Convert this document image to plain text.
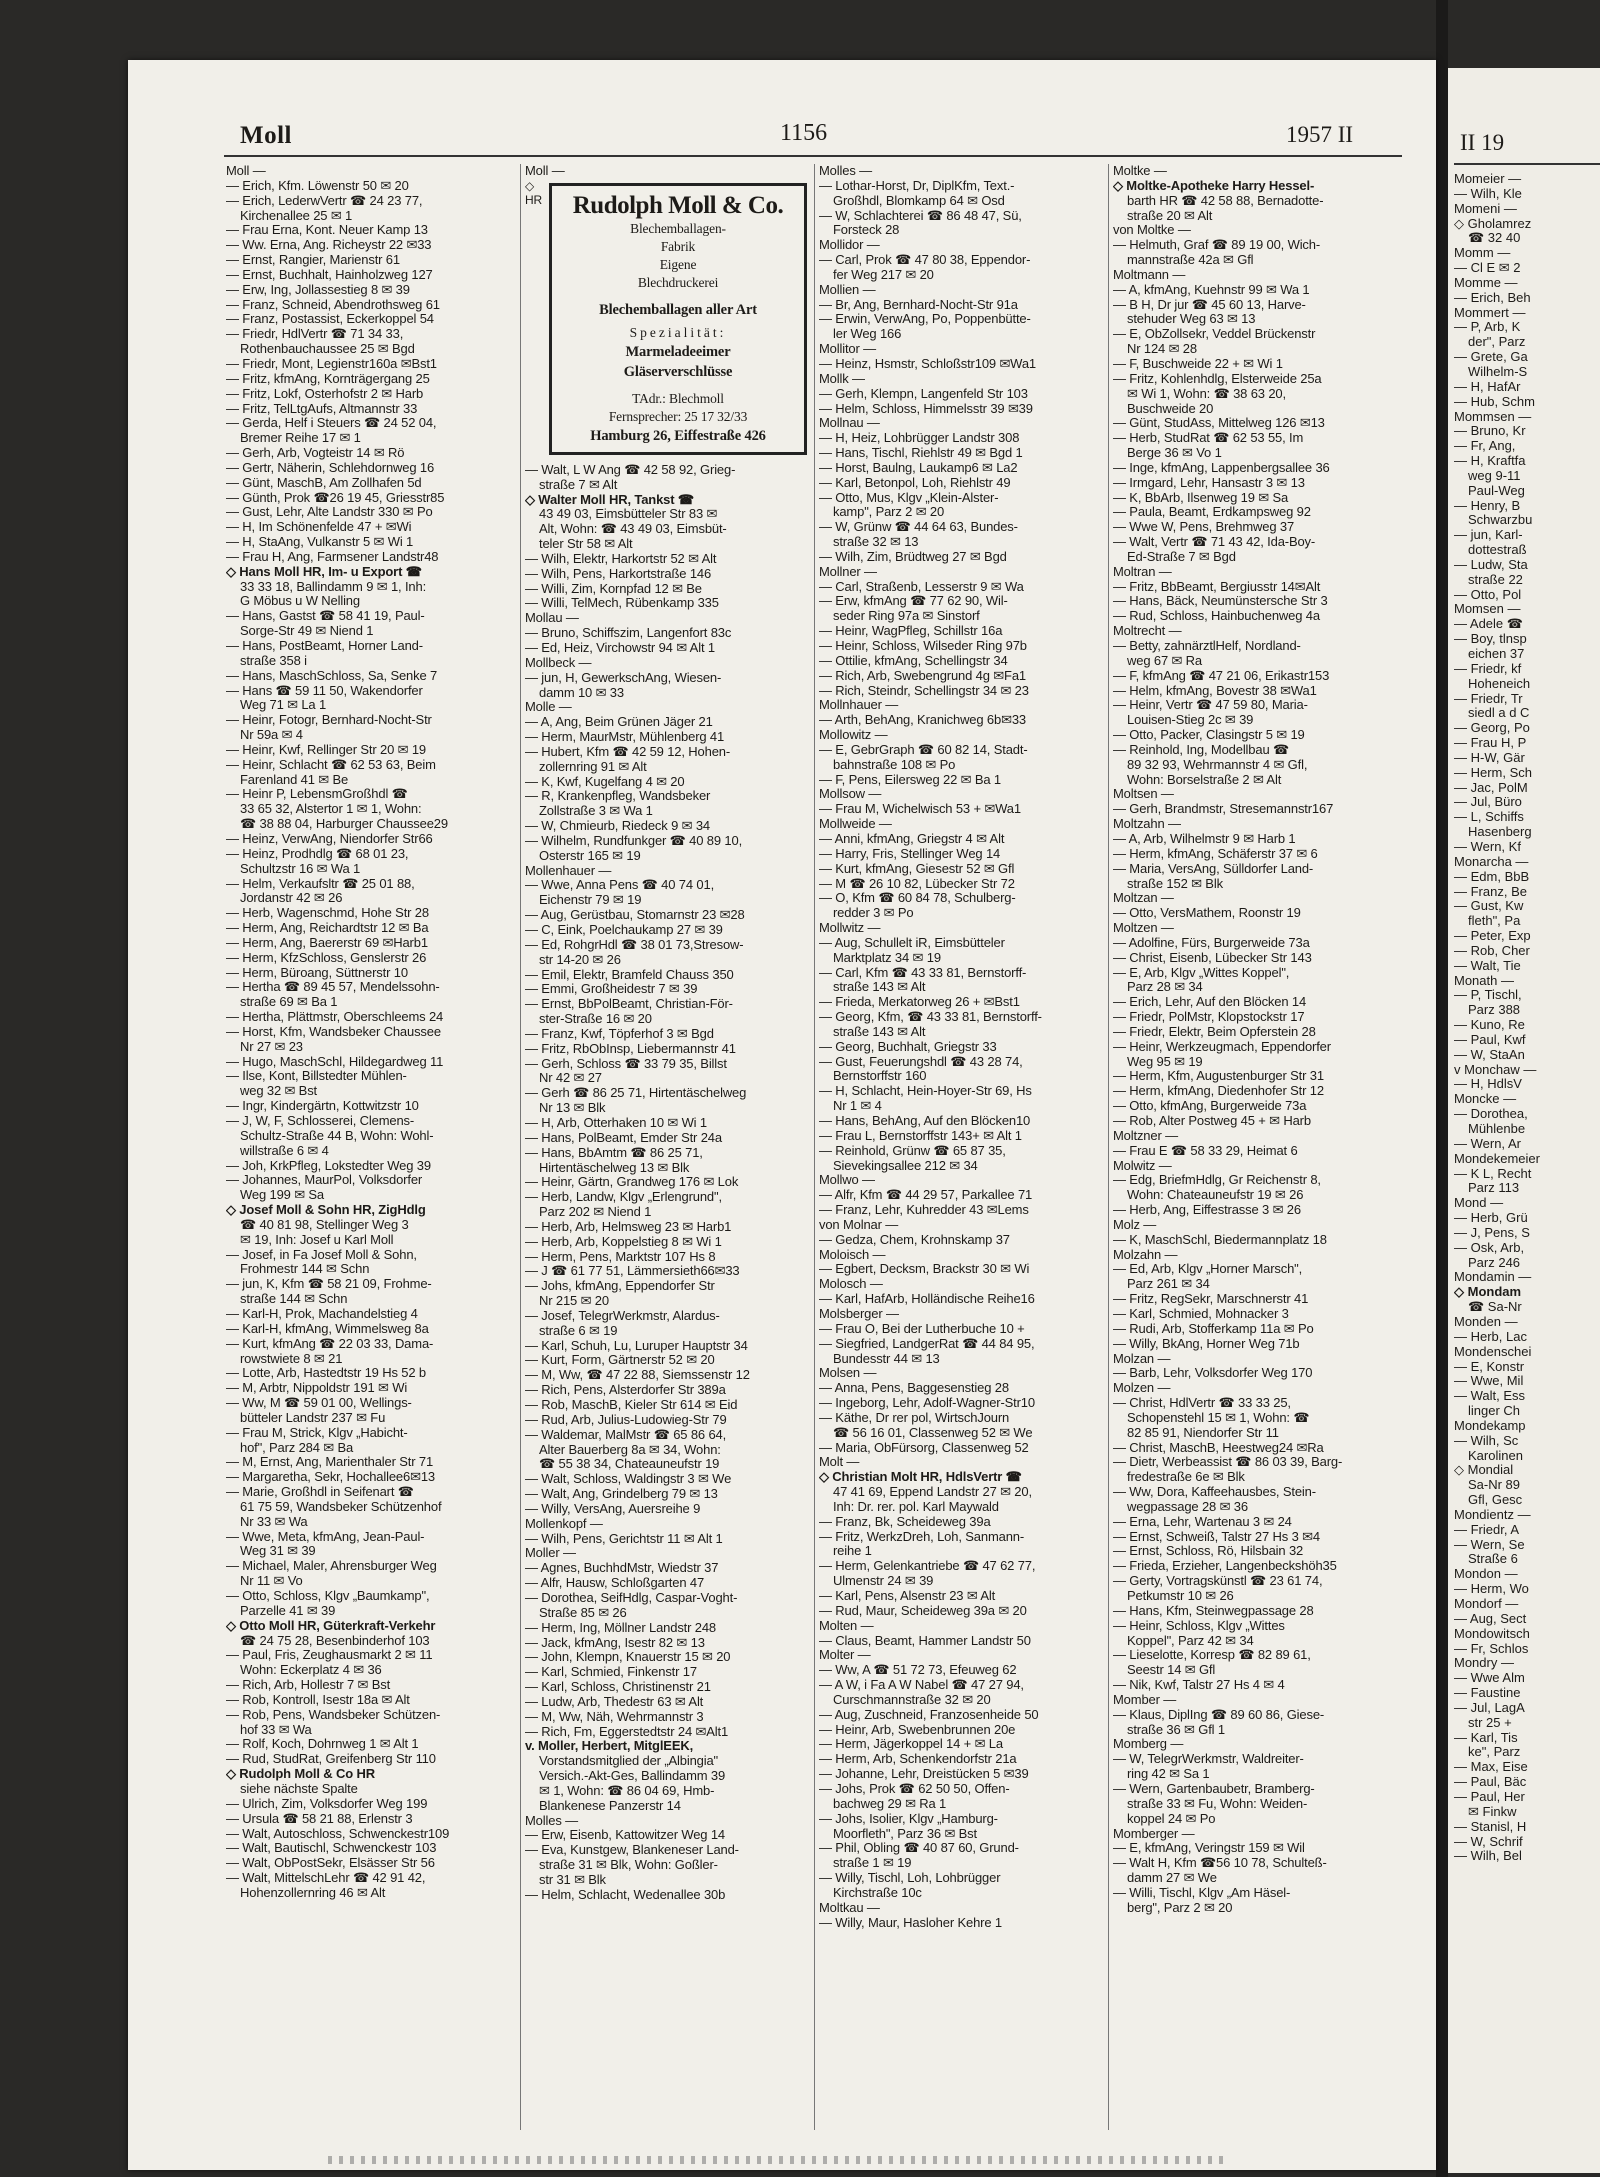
Moll	1156	1957 II
Moll —
— Erich, Kfm. Löwenstr 50 ✉ 20
— Erich, LederwVertr ☎ 24 23 77,
Kirchenallee 25 ✉ 1
— Frau Erna, Kont. Neuer Kamp 13
— Ww. Erna, Ang. Richeystr 22 ✉33
— Ernst, Rangier, Marienstr 61
— Ernst, Buchhalt, Hainholzweg 127
— Erw, Ing, Jollassestieg 8 ✉ 39
— Franz, Schneid, Abendrothsweg 61
— Franz, Postassist, Eckerkoppel 54
— Friedr, HdlVertr ☎ 71 34 33,
Rothenbauchaussee 25 ✉ Bgd
— Friedr, Mont, Legienstr160a ✉Bst1
— Fritz, kfmAng, Kornträgergang 25
— Fritz, Lokf, Osterhofstr 2 ✉ Harb
— Fritz, TelLtgAufs, Altmannstr 33
— Gerda, Helf i Steuers ☎ 24 52 04,
Bremer Reihe 17 ✉ 1
— Gerh, Arb, Vogteistr 14 ✉ Rö
— Gertr, Näherin, Schlehdornweg 16
— Günt, MaschB, Am Zollhafen 5d
— Günth, Prok ☎26 19 45, Griesstr85
— Gust, Lehr, Alte Landstr 330 ✉ Po
— H, Im Schönenfelde 47 + ✉Wi
— H, StaAng, Vulkanstr 5 ✉ Wi 1
— Frau H, Ang, Farmsener Landstr48
◇ Hans Moll HR, Im- u Export ☎
33 33 18, Ballindamm 9 ✉ 1, Inh:
G Möbus u W Nelling
— Hans, Gastst ☎ 58 41 19, Paul-
Sorge-Str 49 ✉ Niend 1
— Hans, PostBeamt, Horner Land-
straße 358 i
— Hans, MaschSchloss, Sa, Senke 7
— Hans ☎ 59 11 50, Wakendorfer
Weg 71 ✉ La 1
— Heinr, Fotogr, Bernhard-Nocht-Str
Nr 59a ✉ 4
— Heinr, Kwf, Rellinger Str 20 ✉ 19
— Heinr, Schlacht ☎ 62 53 63, Beim
Farenland 41 ✉ Be
— Heinr P, LebensmGroßhdl ☎
33 65 32, Alstertor 1 ✉ 1, Wohn:
☎ 38 88 04, Harburger Chaussee29
— Heinz, VerwAng, Niendorfer Str66
— Heinz, Prodhdlg ☎ 68 01 23,
Schultzstr 16 ✉ Wa 1
— Helm, Verkaufsltr ☎ 25 01 88,
Jordanstr 42 ✉ 26
— Herb, Wagenschmd, Hohe Str 28
— Herm, Ang, Reichardtstr 12 ✉ Ba
— Herm, Ang, Baererstr 69 ✉Harb1
— Herm, KfzSchloss, Genslerstr 26
— Herm, Büroang, Süttnerstr 10
— Hertha ☎ 89 45 57, Mendelssohn-
straße 69 ✉ Ba 1
— Hertha, Plättmstr, Oberschleems 24
— Horst, Kfm, Wandsbeker Chaussee
Nr 27 ✉ 23
— Hugo, MaschSchl, Hildegardweg 11
— Ilse, Kont, Billstedter Mühlen-
weg 32 ✉ Bst
— Ingr, Kindergärtn, Kottwitzstr 10
— J, W, F, Schlosserei, Clemens-
Schultz-Straße 44 B, Wohn: Wohl-
willstraße 6 ✉ 4
— Joh, KrkPfleg, Lokstedter Weg 39
— Johannes, MaurPol, Volksdorfer
Weg 199 ✉ Sa
◇ Josef Moll & Sohn HR, ZigHdlg
☎ 40 81 98, Stellinger Weg 3
✉ 19, Inh: Josef u Karl Moll
— Josef, in Fa Josef Moll & Sohn,
Frohmestr 144 ✉ Schn
— jun, K, Kfm ☎ 58 21 09, Frohme-
straße 144 ✉ Schn
— Karl-H, Prok, Machandelstieg 4
— Karl-H, kfmAng, Wimmelsweg 8a
— Kurt, kfmAng ☎ 22 03 33, Dama-
rowstwiete 8 ✉ 21
— Lotte, Arb, Hastedtstr 19 Hs 52 b
— M, Arbtr, Nippoldstr 191 ✉ Wi
— Ww, M ☎ 59 01 00, Wellings-
bütteler Landstr 237 ✉ Fu
— Frau M, Strick, Klgv „Habicht-
hof", Parz 284 ✉ Ba
— M, Ernst, Ang, Marienthaler Str 71
— Margaretha, Sekr, Hochallee6✉13
— Marie, Großhdl in Seifenart ☎
61 75 59, Wandsbeker Schützenhof
Nr 33 ✉ Wa
— Wwe, Meta, kfmAng, Jean-Paul-
Weg 31 ✉ 39
— Michael, Maler, Ahrensburger Weg
Nr 11 ✉ Vo
— Otto, Schloss, Klgv „Baumkamp",
Parzelle 41 ✉ 39
◇ Otto Moll HR, Güterkraft-Verkehr
☎ 24 75 28, Besenbinderhof 103
— Paul, Fris, Zeughausmarkt 2 ✉ 11
Wohn: Eckerplatz 4 ✉ 36
— Rich, Arb, Hollestr 7 ✉ Bst
— Rob, Kontroll, Isestr 18a ✉ Alt
— Rob, Pens, Wandsbeker Schützen-
hof 33 ✉ Wa
— Rolf, Koch, Dohrnweg 1 ✉ Alt 1
— Rud, StudRat, Greifenberg Str 110
◇ Rudolph Moll & Co HR
siehe nächste Spalte
— Ulrich, Zim, Volksdorfer Weg 199
— Ursula ☎ 58 21 88, Erlenstr 3
— Walt, Autoschloss, Schwenckestr109
— Walt, Bautischl, Schwenckestr 103
— Walt, ObPostSekr, Elsässer Str 56
— Walt, MittelschLehr ☎ 42 91 42,
Hohenzollernring 46 ✉ Alt
Moll —
◇
HR	Rudolph Moll & Co.
Blechemballagen-
Fabrik
Eigene
Blechdruckerei
Blechemballagen aller Art
Spezialität:
Marmeladeeimer
Gläserverschlüsse
TAdr.: Blechmoll
Fernsprecher: 25 17 32/33
Hamburg 26, Eiffestraße 426
— Walt, L W Ang ☎ 42 58 92, Grieg-
straße 7 ✉ Alt
◇ Walter Moll HR, Tankst ☎
43 49 03, Eimsbütteler Str 83 ✉
Alt, Wohn: ☎ 43 49 03, Eimsbüt-
teler Str 58 ✉ Alt
— Wilh, Elektr, Harkortstr 52 ✉ Alt
— Wilh, Pens, Harkortstraße 146
— Willi, Zim, Kornpfad 12 ✉ Be
— Willi, TelMech, Rübenkamp 335
Mollau —
— Bruno, Schiffszim, Langenfort 83c
— Ed, Heiz, Virchowstr 94 ✉ Alt 1
Mollbeck —
— jun, H, GewerkschAng, Wiesen-
damm 10 ✉ 33
Molle —
— A, Ang, Beim Grünen Jäger 21
— Herm, MaurMstr, Mühlenberg 41
— Hubert, Kfm ☎ 42 59 12, Hohen-
zollernring 91 ✉ Alt
— K, Kwf, Kugelfang 4 ✉ 20
— R, Krankenpfleg, Wandsbeker
Zollstraße 3 ✉ Wa 1
— W, Chmieurb, Riedeck 9 ✉ 34
— Wilhelm, Rundfunkger ☎ 40 89 10,
Osterstr 165 ✉ 19
Mollenhauer —
— Wwe, Anna Pens ☎ 40 74 01,
Eichenstr 79 ✉ 19
— Aug, Gerüstbau, Stomarnstr 23 ✉28
— C, Eink, Poelchaukamp 27 ✉ 39
— Ed, RohgrHdl ☎ 38 01 73,Stresow-
str 14-20 ✉ 26
— Emil, Elektr, Bramfeld Chauss 350
— Emmi, Großheidestr 7 ✉ 39
— Ernst, BbPolBeamt, Christian-För-
ster-Straße 16 ✉ 20
— Franz, Kwf, Töpferhof 3 ✉ Bgd
— Fritz, RbObInsp, Liebermannstr 41
— Gerh, Schloss ☎ 33 79 35, Billst
Nr 42 ✉ 27
— Gerh ☎ 86 25 71, Hirtentäschelweg
Nr 13 ✉ Blk
— H, Arb, Otterhaken 10 ✉ Wi 1
— Hans, PolBeamt, Emder Str 24a
— Hans, BbAmtm ☎ 86 25 71,
Hirtentäschelweg 13 ✉ Blk
— Heinr, Gärtn, Grandweg 176 ✉ Lok
— Herb, Landw, Klgv „Erlengrund",
Parz 202 ✉ Niend 1
— Herb, Arb, Helmsweg 23 ✉ Harb1
— Herb, Arb, Koppelstieg 8 ✉ Wi 1
— Herm, Pens, Marktstr 107 Hs 8
— J ☎ 61 77 51, Lämmersieth66✉33
— Johs, kfmAng, Eppendorfer Str
Nr 215 ✉ 20
— Josef, TelegrWerkmstr, Alardus-
straße 6 ✉ 19
— Karl, Schuh, Lu, Luruper Hauptstr 34
— Kurt, Form, Gärtnerstr 52 ✉ 20
— M, Ww, ☎ 47 22 88, Siemssenstr 12
— Rich, Pens, Alsterdorfer Str 389a
— Rob, MaschB, Kieler Str 614 ✉ Eid
— Rud, Arb, Julius-Ludowieg-Str 79
— Waldemar, MalMstr ☎ 65 86 64,
Alter Bauerberg 8a ✉ 34, Wohn:
☎ 55 38 34, Chateauneufstr 19
— Walt, Schloss, Waldingstr 3 ✉ We
— Walt, Ang, Grindelberg 79 ✉ 13
— Willy, VersAng, Auersreihe 9
Mollenkopf —
— Wilh, Pens, Gerichtstr 11 ✉ Alt 1
Moller —
— Agnes, BuchhdMstr, Wiedstr 37
— Alfr, Hausw, Schloßgarten 47
— Dorothea, SeifHdlg, Caspar-Voght-
Straße 85 ✉ 26
— Herm, Ing, Möllner Landstr 248
— Jack, kfmAng, Isestr 82 ✉ 13
— John, Klempn, Knauerstr 15 ✉ 20
— Karl, Schmied, Finkenstr 17
— Karl, Schloss, Christinenstr 21
— Ludw, Arb, Thedestr 63 ✉ Alt
— M, Ww, Näh, Wehrmannstr 3
— Rich, Fm, Eggerstedtstr 24 ✉Alt1
v. Moller, Herbert, MitglEEK,
Vorstandsmitglied der „Albingia"
Versich.-Akt-Ges, Ballindamm 39
✉ 1, Wohn: ☎ 86 04 69, Hmb-
Blankenese Panzerstr 14
Molles —
— Erw, Eisenb, Kattowitzer Weg 14
— Eva, Kunstgew, Blankeneser Land-
straße 31 ✉ Blk, Wohn: Goßler-
str 31 ✉ Blk
— Helm, Schlacht, Wedenallee 30b
Molles —
— Lothar-Horst, Dr, DiplKfm, Text.-
Großhdl, Blomkamp 64 ✉ Osd
— W, Schlachterei ☎ 86 48 47, Sü,
Forsteck 28
Mollidor —
— Carl, Prok ☎ 47 80 38, Eppendor-
fer Weg 217 ✉ 20
Mollien —
— Br, Ang, Bernhard-Nocht-Str 91a
— Erwin, VerwAng, Po, Poppenbütte-
ler Weg 166
Mollitor —
— Heinz, Hsmstr, Schloßstr109 ✉Wa1
Mollk —
— Gerh, Klempn, Langenfeld Str 103
— Helm, Schloss, Himmelsstr 39 ✉39
Mollnau —
— H, Heiz, Lohbrügger Landstr 308
— Hans, Tischl, Riehlstr 49 ✉ Bgd 1
— Horst, Baulng, Laukamp6 ✉ La2
— Karl, Betonpol, Loh, Riehlstr 49
— Otto, Mus, Klgv „Klein-Alster-
kamp", Parz 2 ✉ 20
— W, Grünw ☎ 44 64 63, Bundes-
straße 32 ✉ 13
— Wilh, Zim, Brüdtweg 27 ✉ Bgd
Mollner —
— Carl, Straßenb, Lesserstr 9 ✉ Wa
— Erw, kfmAng ☎ 77 62 90, Wil-
seder Ring 97a ✉ Sinstorf
— Heinr, WagPfleg, Schillstr 16a
— Heinr, Schloss, Wilseder Ring 97b
— Ottilie, kfmAng, Schellingstr 34
— Rich, Arb, Swebengrund 4g ✉Fa1
— Rich, Steindr, Schellingstr 34 ✉ 23
Mollnhauer —
— Arth, BehAng, Kranichweg 6b✉33
Mollowitz —
— E, GebrGraph ☎ 60 82 14, Stadt-
bahnstraße 108 ✉ Po
— F, Pens, Eilersweg 22 ✉ Ba 1
Mollsow —
— Frau M, Wichelwisch 53 + ✉Wa1
Mollweide —
— Anni, kfmAng, Griegstr 4 ✉ Alt
— Harry, Fris, Stellinger Weg 14
— Kurt, kfmAng, Giesestr 52 ✉ Gfl
— M ☎ 26 10 82, Lübecker Str 72
— O, Kfm ☎ 60 84 78, Schulberg-
redder 3 ✉ Po
Mollwitz —
— Aug, Schullelt iR, Eimsbütteler
Marktplatz 34 ✉ 19
— Carl, Kfm ☎ 43 33 81, Bernstorff-
straße 143 ✉ Alt
— Frieda, Merkatorweg 26 + ✉Bst1
— Georg, Kfm, ☎ 43 33 81, Bernstorff-
straße 143 ✉ Alt
— Georg, Buchhalt, Griegstr 33
— Gust, Feuerungshdl ☎ 43 28 74,
Bernstorffstr 160
— H, Schlacht, Hein-Hoyer-Str 69, Hs
Nr 1 ✉ 4
— Hans, BehAng, Auf den Blöcken10
— Frau L, Bernstorffstr 143+ ✉ Alt 1
— Reinhold, Grünw ☎ 65 87 35,
Sievekingsallee 212 ✉ 34
Mollwo —
— Alfr, Kfm ☎ 44 29 57, Parkallee 71
— Franz, Lehr, Kuhredder 43 ✉Lems
von Molnar —
— Gedza, Chem, Krohnskamp 37
Moloisch —
— Egbert, Decksm, Brackstr 30 ✉ Wi
Molosch —
— Karl, HafArb, Holländische Reihe16
Molsberger —
— Frau O, Bei der Lutherbuche 10 +
— Siegfried, LandgerRat ☎ 44 84 95,
Bundesstr 44 ✉ 13
Molsen —
— Anna, Pens, Baggesenstieg 28
— Ingeborg, Lehr, Adolf-Wagner-Str10
— Käthe, Dr rer pol, WirtschJourn
☎ 56 16 01, Classenweg 52 ✉ We
— Maria, ObFürsorg, Classenweg 52
Molt —
◇ Christian Molt HR, HdlsVertr ☎
47 41 69, Eppend Landstr 27 ✉ 20,
Inh: Dr. rer. pol. Karl Maywald
— Franz, Bk, Scheideweg 39a
— Fritz, WerkzDreh, Loh, Sanmann-
reihe 1
— Herm, Gelenkantriebe ☎ 47 62 77,
Ulmenstr 24 ✉ 39
— Karl, Pens, Alsenstr 23 ✉ Alt
— Rud, Maur, Scheideweg 39a ✉ 20
Molten —
— Claus, Beamt, Hammer Landstr 50
Molter —
— Ww, A ☎ 51 72 73, Efeuweg 62
— A W, i Fa A W Nabel ☎ 47 27 94,
Curschmannstraße 32 ✉ 20
— Aug, Zuschneid, Franzosenheide 50
— Heinr, Arb, Swebenbrunnen 20e
— Herm, Jägerkoppel 14 + ✉ La
— Herm, Arb, Schenkendorfstr 21a
— Johanne, Lehr, Dreistücken 5 ✉39
— Johs, Prok ☎ 62 50 50, Offen-
bachweg 29 ✉ Ra 1
— Johs, Isolier, Klgv „Hamburg-
Moorfleth", Parz 36 ✉ Bst
— Phil, Obling ☎ 40 87 60, Grund-
straße 1 ✉ 19
— Willy, Tischl, Loh, Lohbrügger
Kirchstraße 10c
Moltkau —
— Willy, Maur, Hasloher Kehre 1
Moltke —
◇ Moltke-Apotheke Harry Hessel-
barth HR ☎ 42 58 88, Bernadotte-
straße 20 ✉ Alt
von Moltke —
— Helmuth, Graf ☎ 89 19 00, Wich-
mannstraße 42a ✉ Gfl
Moltmann —
— A, kfmAng, Kuehnstr 99 ✉ Wa 1
— B H, Dr jur ☎ 45 60 13, Harve-
stehuder Weg 63 ✉ 13
— E, ObZollsekr, Veddel Brückenstr
Nr 124 ✉ 28
— F, Buschweide 22 + ✉ Wi 1
— Fritz, Kohlenhdlg, Elsterweide 25a
✉ Wi 1, Wohn: ☎ 38 63 20,
Buschweide 20
— Günt, StudAss, Mittelweg 126 ✉13
— Herb, StudRat ☎ 62 53 55, Im
Berge 36 ✉ Vo 1
— Inge, kfmAng, Lappenbergsallee 36
— Irmgard, Lehr, Hansastr 3 ✉ 13
— K, BbArb, Ilsenweg 19 ✉ Sa
— Paula, Beamt, Erdkampsweg 92
— Wwe W, Pens, Brehmweg 37
— Walt, Vertr ☎ 71 43 42, Ida-Boy-
Ed-Straße 7 ✉ Bgd
Moltran —
— Fritz, BbBeamt, Bergiusstr 14✉Alt
— Hans, Bäck, Neumünstersche Str 3
— Rud, Schloss, Hainbuchenweg 4a
Moltrecht —
— Betty, zahnärztlHelf, Nordland-
weg 67 ✉ Ra
— F, kfmAng ☎ 47 21 06, Erikastr153
— Helm, kfmAng, Bovestr 38 ✉Wa1
— Heinr, Vertr ☎ 47 59 80, Maria-
Louisen-Stieg 2c ✉ 39
— Otto, Packer, Clasingstr 5 ✉ 19
— Reinhold, Ing, Modellbau ☎
89 32 93, Wehrmannstr 4 ✉ Gfl,
Wohn: Borselstraße 2 ✉ Alt
Moltsen —
— Gerh, Brandmstr, Stresemannstr167
Moltzahn —
— A, Arb, Wilhelmstr 9 ✉ Harb 1
— Herm, kfmAng, Schäferstr 37 ✉ 6
— Maria, VersAng, Sülldorfer Land-
straße 152 ✉ Blk
Moltzan —
— Otto, VersMathem, Roonstr 19
Moltzen —
— Adolfine, Fürs, Burgerweide 73a
— Christ, Eisenb, Lübecker Str 143
— E, Arb, Klgv „Wittes Koppel",
Parz 28 ✉ 34
— Erich, Lehr, Auf den Blöcken 14
— Friedr, PolMstr, Klopstockstr 17
— Friedr, Elektr, Beim Opferstein 28
— Heinr, Werkzeugmach, Eppendorfer
Weg 95 ✉ 19
— Herm, Kfm, Augustenburger Str 31
— Herm, kfmAng, Diedenhofer Str 12
— Otto, kfmAng, Burgerweide 73a
— Rob, Alter Postweg 45 + ✉ Harb
Moltzner —
— Frau E ☎ 58 33 29, Heimat 6
Molwitz —
— Edg, BriefmHdlg, Gr Reichenstr 8,
Wohn: Chateauneufstr 19 ✉ 26
— Herb, Ang, Eiffestrasse 3 ✉ 26
Molz —
— K, MaschSchl, Biedermannplatz 18
Molzahn —
— Ed, Arb, Klgv „Horner Marsch",
Parz 261 ✉ 34
— Fritz, RegSekr, Marschnerstr 41
— Karl, Schmied, Mohnacker 3
— Rudi, Arb, Stofferkamp 11a ✉ Po
— Willy, BkAng, Horner Weg 71b
Molzan —
— Barb, Lehr, Volksdorfer Weg 170
Molzen —
— Christ, HdlVertr ☎ 33 33 25,
Schopenstehl 15 ✉ 1, Wohn: ☎
82 85 91, Niendorfer Str 11
— Christ, MaschB, Heestweg24 ✉Ra
— Dietr, Werbeassist ☎ 86 03 39, Barg-
fredestraße 6e ✉ Blk
— Ww, Dora, Kaffeehausbes, Stein-
wegpassage 28 ✉ 36
— Erna, Lehr, Wartenau 3 ✉ 24
— Ernst, Schweiß, Talstr 27 Hs 3 ✉4
— Ernst, Schloss, Rö, Hilsbain 32
— Frieda, Erzieher, Langenbeckshöh35
— Gerty, Vortragskünstl ☎ 23 61 74,
Petkumstr 10 ✉ 26
— Hans, Kfm, Steinwegpassage 28
— Heinr, Schloss, Klgv „Wittes
Koppel", Parz 42 ✉ 34
— Lieselotte, Korresp ☎ 82 89 61,
Seestr 14 ✉ Gfl
— Nik, Kwf, Talstr 27 Hs 4 ✉ 4
Momber —
— Klaus, DiplIng ☎ 89 60 86, Giese-
straße 36 ✉ Gfl 1
Momberg —
— W, TelegrWerkmstr, Waldreiter-
ring 42 ✉ Sa 1
— Wern, Gartenbaubetr, Bramberg-
straße 33 ✉ Fu, Wohn: Weiden-
koppel 24 ✉ Po
Momberger —
— E, kfmAng, Veringstr 159 ✉ Wil
— Walt H, Kfm ☎56 10 78, Schulteß-
damm 27 ✉ We
— Willi, Tischl, Klgv „Am Häsel-
berg", Parz 2 ✉ 20
II 19
Momeier —
— Wilh, Kle
Momeni —
◇ Gholamrez
☎ 32 40
Momm —
— Cl E ✉ 2
Momme —
— Erich, Beh
Mommert —
— P, Arb, K
der", Parz
— Grete, Ga
Wilhelm-S
— H, HafAr
— Hub, Schm
Mommsen —
— Bruno, Kr
— Fr, Ang,
— H, Kraftfa
weg 9-11
Paul-Weg
— Henry, B
Schwarzbu
— jun, Karl-
dottestraß
— Ludw, Sta
straße 22
— Otto, Pol
Momsen —
— Adele ☎
— Boy, tlnsp
eichen 37
— Friedr, kf
Hoheneich
— Friedr, Tr
siedl a d C
— Georg, Po
— Frau H, P
— H-W, Gär
— Herm, Sch
— Jac, PolM
— Jul, Büro
— L, Schiffs
Hasenberg
— Wern, Kf
Monarcha —
— Edm, BbB
— Franz, Be
— Gust, Kw
fleth", Pa
— Peter, Exp
— Rob, Cher
— Walt, Tie
Monath —
— P, Tischl,
Parz 388
— Kuno, Re
— Paul, Kwf
— W, StaAn
v Monchaw —
— H, HdlsV
Moncke —
— Dorothea,
Mühlenbe
— Wern, Ar
Mondekemeier
— K L, Recht
Parz 113
Mond —
— Herb, Grü
— J, Pens, S
— Osk, Arb,
Parz 246
Mondamin —
◇ Mondam
☎ Sa-Nr
Monden —
— Herb, Lac
Mondenschei
— E, Konstr
— Wwe, Mil
— Walt, Ess
linger Ch
Mondekamp
— Wilh, Sc
Karolinen
◇ Mondial
Sa-Nr 89
Gfl, Gesc
Mondientz —
— Friedr, A
— Wern, Se
Straße 6
Mondon —
— Herm, Wo
Mondorf —
— Aug, Sect
Mondowitsch
— Fr, Schlos
Mondry —
— Wwe Alm
— Faustine
— Jul, LagA
str 25 +
— Karl, Tis
ke", Parz
— Max, Eise
— Paul, Bäc
— Paul, Her
✉ Finkw
— Stanisl, H
— W, Schrif
— Wilh, Bel
